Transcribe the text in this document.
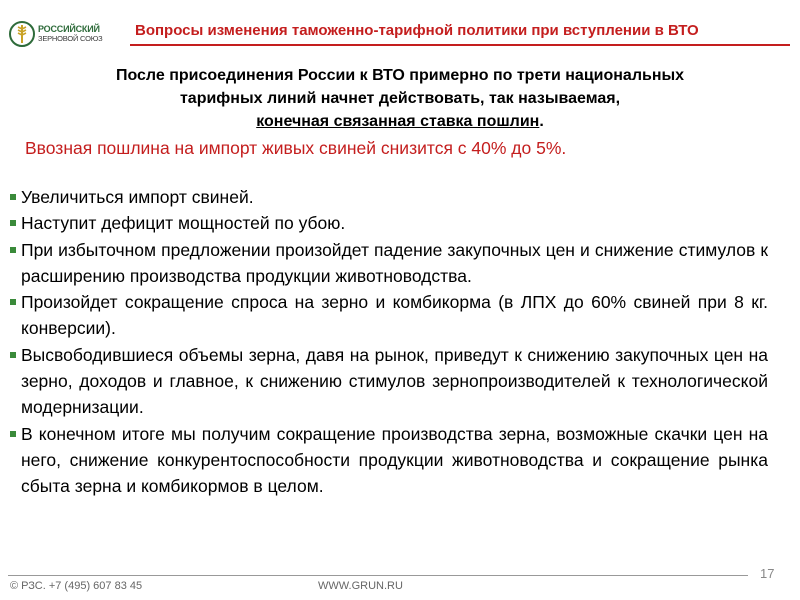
РОССИЙСКИЙ
ЗЕРНОВОЙ СОЮЗ Вопросы изменения таможенно-тарифной политики при вступлении в ВТО
После присоединения России к ВТО примерно по трети национальных
тарифных линий начнет действовать, так называемая,
конечная связанная ставка пошлин.
Ввозная пошлина на импорт живых свиней снизится с 40% до 5%.
Увеличиться импорт свиней.
Наступит дефицит мощностей по убою.
При избыточном предложении произойдет падение закупочных цен и снижение стимулов к расширению производства продукции животноводства.
Произойдет сокращение спроса на зерно и комбикорма (в ЛПХ до 60% свиней при 8 кг. конверсии).
Высвободившиеся объемы зерна, давя на рынок, приведут к снижению закупочных цен на зерно, доходов и главное, к снижению стимулов зернопроизводителей к технологической модернизации.
В конечном итоге мы получим сокращение производства зерна, возможные скачки цен на него, снижение конкурентоспособности продукции животноводства и сокращение рынка сбыта зерна и комбикормов в целом.
© РЗС. +7 (495) 607 83 45	WWW.GRUN.RU
17
